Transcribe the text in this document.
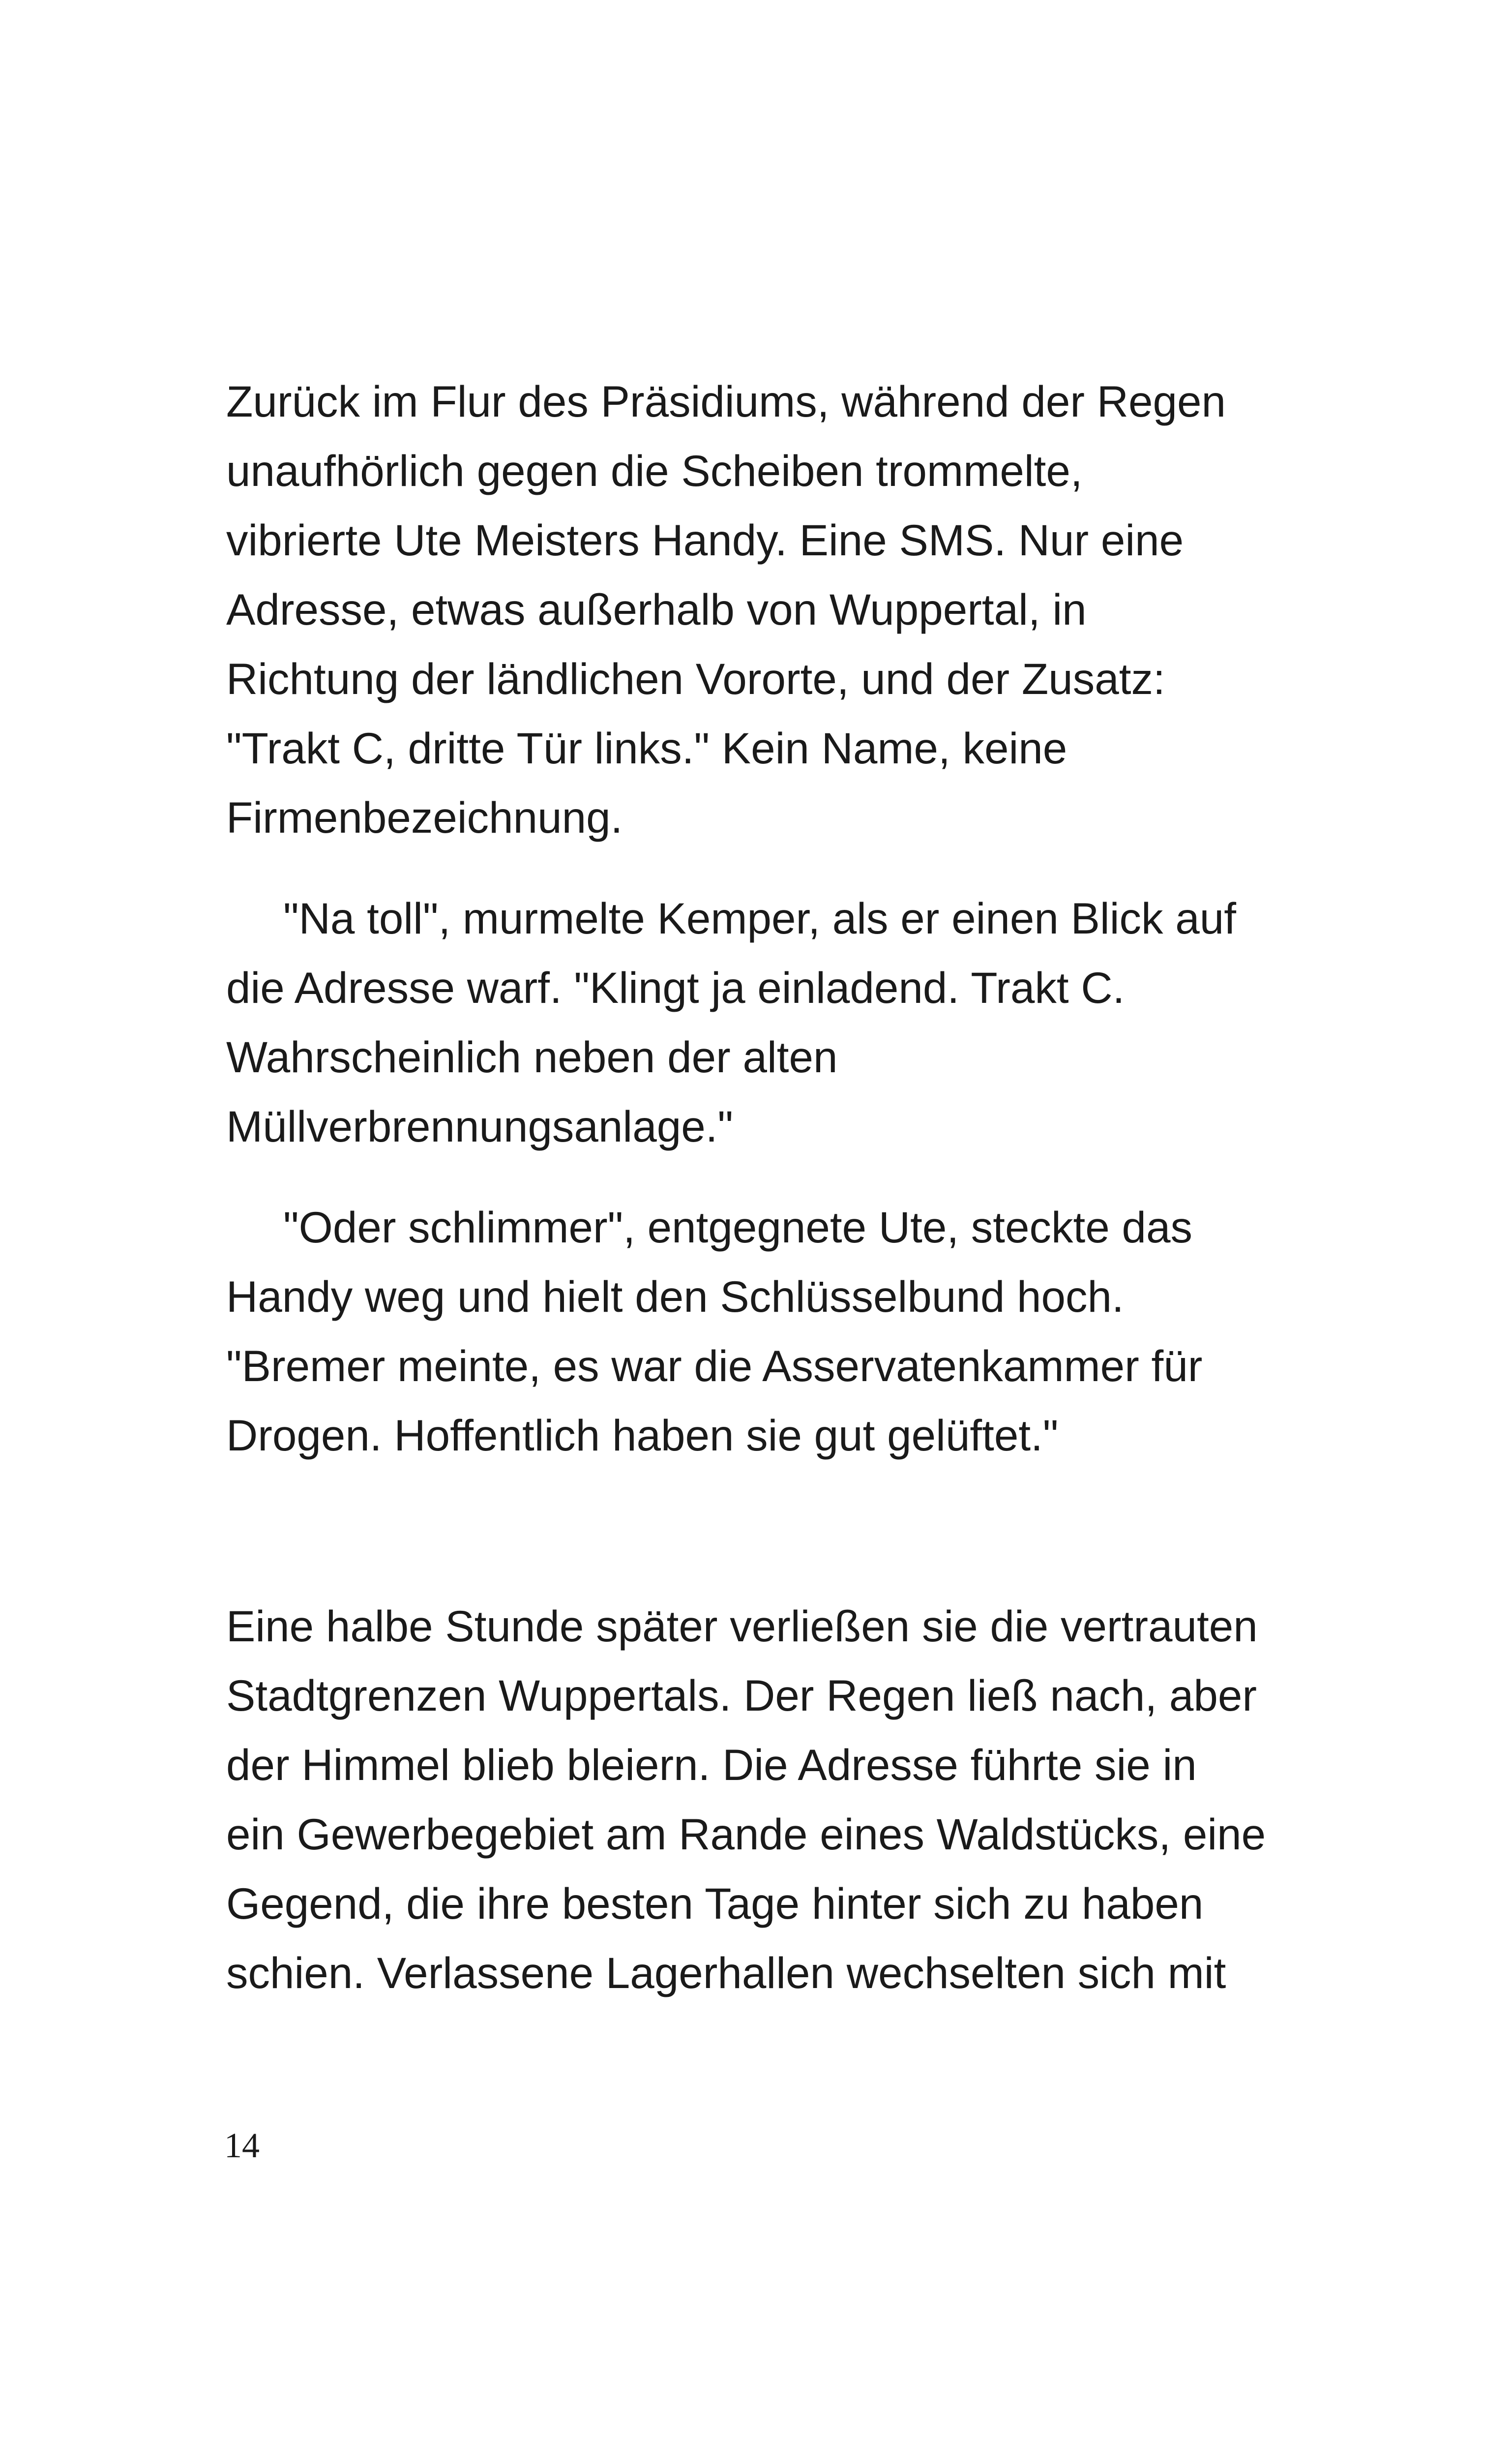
Zurück im Flur des Präsidiums, während der Regen
unaufhörlich gegen die Scheiben trommelte,
vibrierte Ute Meisters Handy. Eine SMS. Nur eine
Adresse, etwas außerhalb von Wuppertal, in
Richtung der ländlichen Vororte, und der Zusatz:
"Trakt C, dritte Tür links." Kein Name, keine
Firmenbezeichnung.

"Na toll", murmelte Kemper, als er einen Blick auf
die Adresse warf. "Klingt ja einladend. Trakt C.
Wahrscheinlich neben der alten
Müllverbrennungsanlage."

"Oder schlimmer", entgegnete Ute, steckte das
Handy weg und hielt den Schlüsselbund hoch.
"Bremer meinte, es war die Asservatenkammer für
Drogen. Hoffentlich haben sie gut gelüftet."

Eine halbe Stunde später verließen sie die vertrauten
Stadtgrenzen Wuppertals. Der Regen ließ nach, aber
der Himmel blieb bleiern. Die Adresse führte sie in
ein Gewerbegebiet am Rande eines Waldstücks, eine
Gegend, die ihre besten Tage hinter sich zu haben
schien. Verlassene Lagerhallen wechselten sich mit

14
